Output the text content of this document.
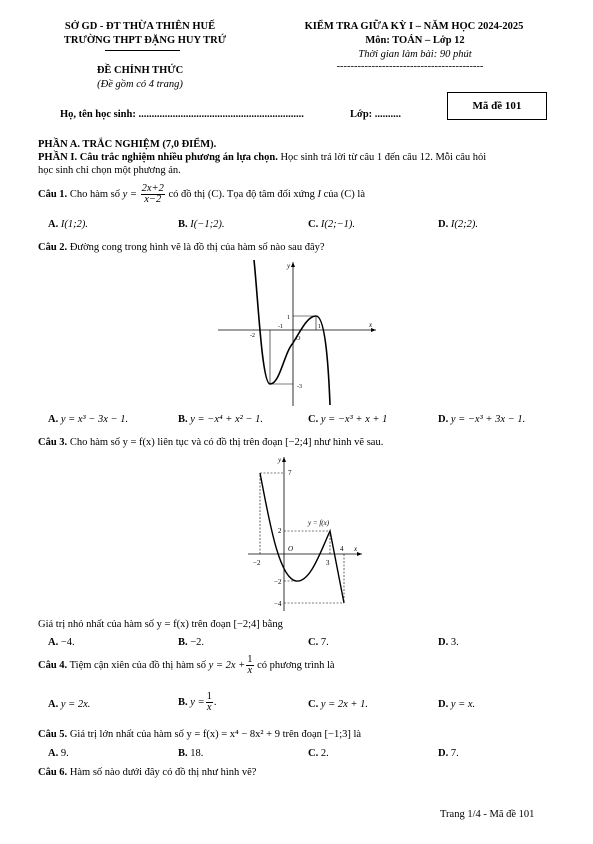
SỞ GD - ĐT THỪA THIÊN HUẾ
TRƯỜNG THPT ĐẶNG HUY TRỨ
KIỂM TRA GIỮA KỲ I – NĂM HỌC 2024-2025
Môn: TOÁN – Lớp 12
Thời gian làm bài: 90 phút
------------------------------------------
ĐỀ CHÍNH THỨC
(Đề gồm có 4 trang)
Họ, tên học sinh: ...............................................................	Lớp: ..........
Mã đề 101
PHẦN A. TRẮC NGHIỆM (7,0 ĐIỂM).
PHẦN I. Câu trắc nghiệm nhiều phương án lựa chọn. Học sinh trả lời từ câu 1 đến câu 12. Mỗi câu hỏi
học sinh chỉ chọn một phương án.
Câu 1. Cho hàm số $y = \frac{2x+2}{x-2}$ có đồ thị (C). Tọa độ tâm đối xứng I của (C) là
A. I(1;2).	B. I(−1;2).	C. I(2;−1).	D. I(2;2).
Câu 2. Đường cong trong hình vẽ là đồ thị của hàm số nào sau đây?
y
x
-2
-1	1
1
-3
O
A. y = x³ − 3x − 1.	B. y = −x⁴ + x² − 1.	C. y = −x³ + x + 1	D. y = −x³ + 3x − 1.
Câu 3. Cho hàm số y = f(x) liên tục và có đồ thị trên đoạn [−2;4] như hình vẽ sau.
y
x
7
2
−2
−4
−2	3
4
O
y = f(x)
Giá trị nhỏ nhất của hàm số y = f(x) trên đoạn [−2;4] bằng
A. −4.	B. −2.	C. 7.	D. 3.
Câu 4. Tiệm cận xiên của đồ thị hàm số $y = 2x + \frac{1}{x}$ có phương trình là
A. y = 2x.	B. $y = \frac{1}{x}$ .	C. y = 2x + 1.	D. y = x.
Câu 5. Giá trị lớn nhất của hàm số y = f(x) = x⁴ − 8x² + 9 trên đoạn [−1;3] là
A. 9.	B. 18.	C. 2.	D. 7.
Câu 6. Hàm số nào dưới đây có đồ thị như hình vẽ?
Trang 1/4 - Mã đề 101
